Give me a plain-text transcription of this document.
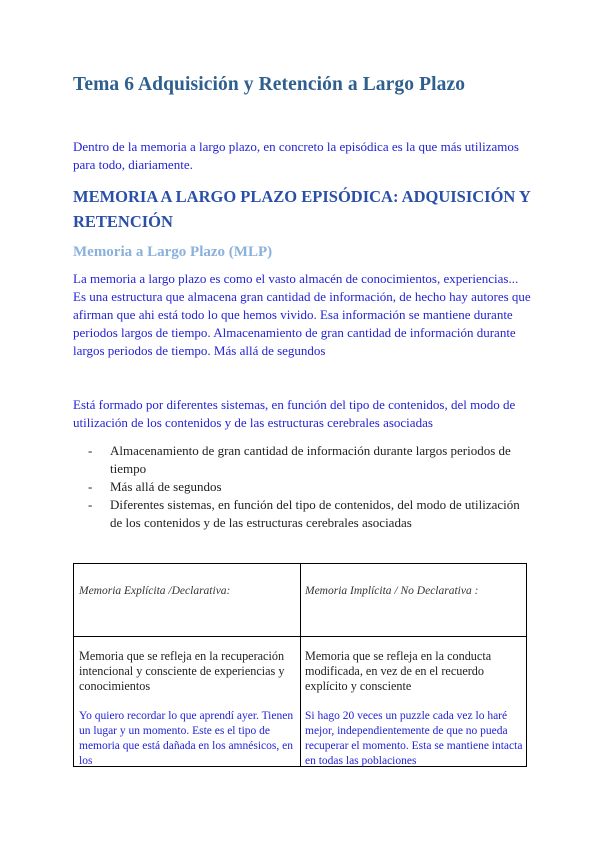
Tema 6 Adquisición y Retención a Largo Plazo

Dentro de la memoria a largo plazo, en concreto la episódica es la que más utilizamos para todo, diariamente.

MEMORIA A LARGO PLAZO EPISÓDICA: ADQUISICIÓN Y RETENCIÓN
Memoria a Largo Plazo (MLP)

La memoria a largo plazo es como el vasto almacén de conocimientos, experiencias... Es una estructura que almacena gran cantidad de información, de hecho hay autores que afirman que ahi está todo lo que hemos vivido. Esa información se mantiene durante periodos largos de tiempo. Almacenamiento de gran cantidad de información durante largos periodos de tiempo. Más allá de segundos

Está formado por diferentes sistemas, en función del tipo de contenidos, del modo de utilización de los contenidos y de las estructuras cerebrales asociadas

- Almacenamiento de gran cantidad de información durante largos periodos de tiempo
- Más allá de segundos
- Diferentes sistemas, en función del tipo de contenidos, del modo de utilización de los contenidos y de las estructuras cerebrales asociadas
Memoria Explícita /Declarativa:	Memoria Implícita / No Declarativa :
Memoria que se refleja en la recuperación intencional y consciente de experiencias y conocimientos
Memoria que se refleja en la conducta modificada, en vez de en el recuerdo explícito y consciente
Yo quiero recordar lo que aprendí ayer. Tienen un lugar y un momento. Este es el tipo de memoria que está dañada en los amnésicos, en los
Si hago 20 veces un puzzle cada vez lo haré mejor, independientemente de que no pueda recuperar el momento. Esta se mantiene intacta en todas las poblaciones
